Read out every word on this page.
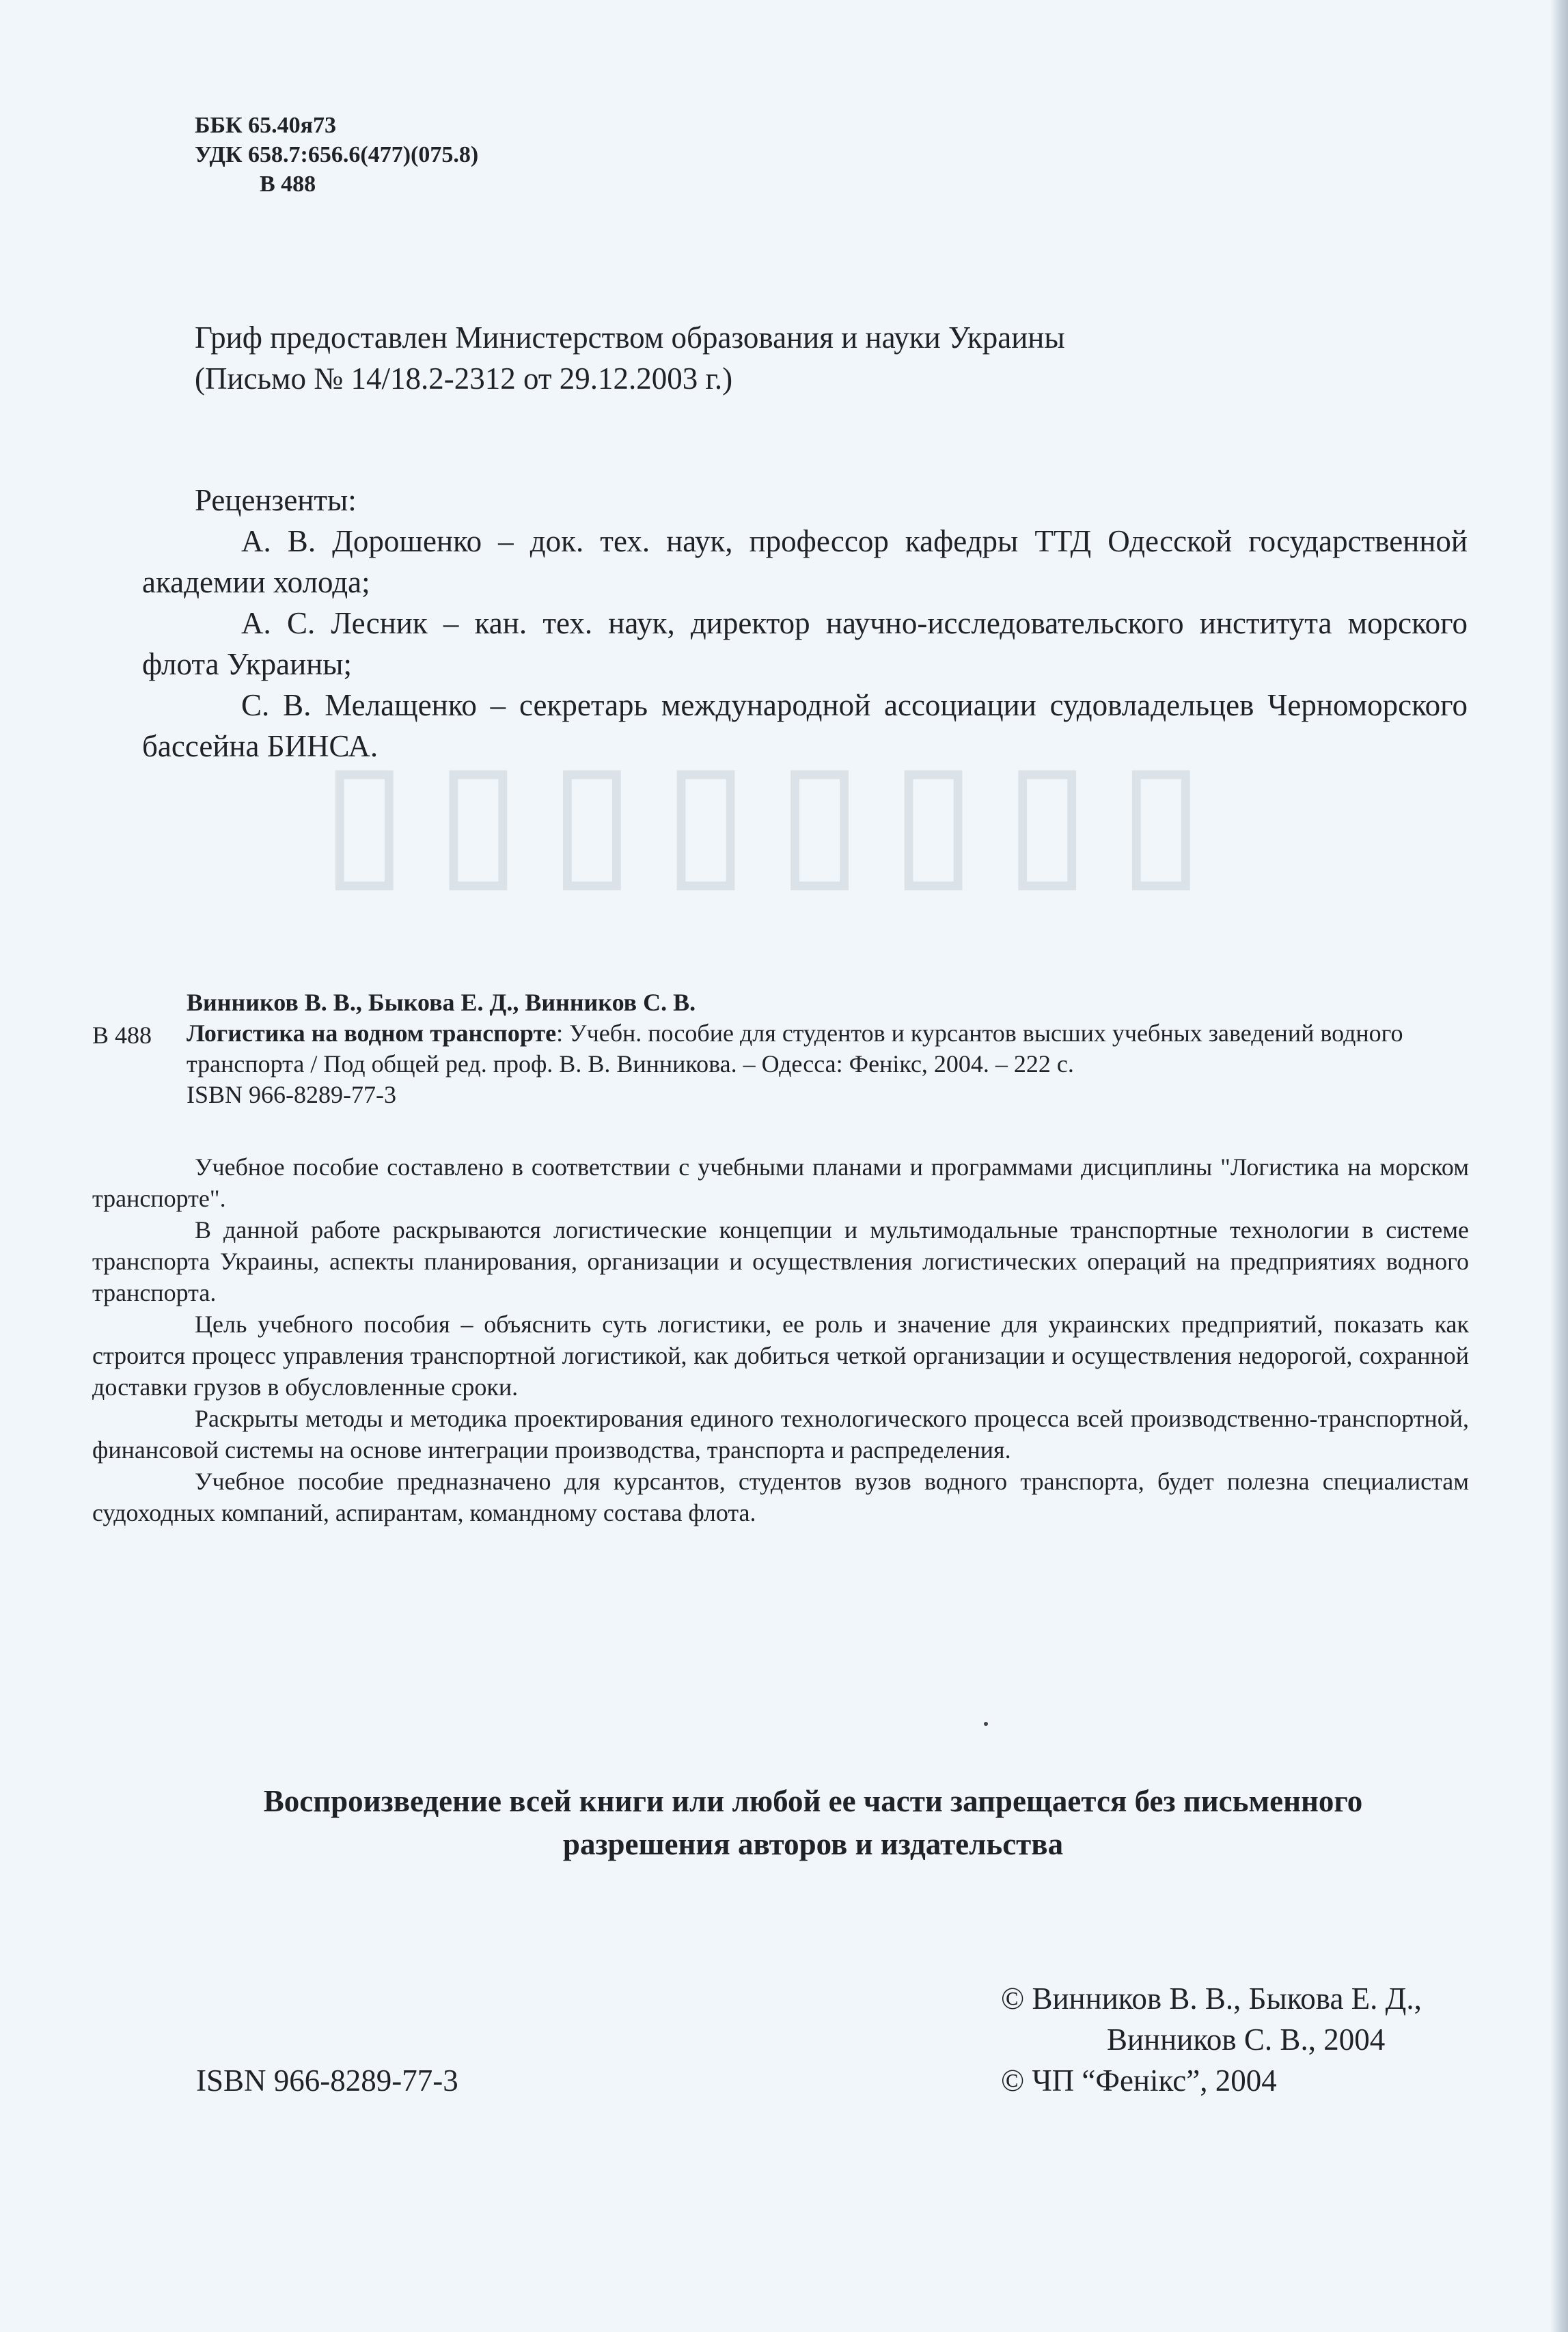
▯▯▯▯▯▯▯▯
ББК 65.40я73
УДК 658.7:656.6(477)(075.8)
В 488
Гриф предоставлен Министерством образования и науки Украины
(Письмо № 14/18.2-2312 от 29.12.2003 г.)
Рецензенты:

А. В. Дорошенко – док. тех. наук, профессор кафедры ТТД Одесской государственной академии холода;

А. С. Лесник – кан. тех. наук, директор научно-исследовательского института морского флота Украины;

С. В. Мелащенко – секретарь международной ассоциации судовладельцев Черноморского бассейна БИНСА.

В 488
Винников В. В., Быкова Е. Д., Винников С. В.
Логистика на водном транспорте: Учебн. пособие для студентов и курсантов высших учебных заведений водного транспорта / Под общей ред. проф. В. В. Винникова. – Одесса: Фенікс, 2004. – 222 с.
ISBN 966-8289-77-3

Учебное пособие составлено в соответствии с учебными планами и программами дисциплины "Логистика на морском транспорте".

В данной работе раскрываются логистические концепции и мультимодальные транспортные технологии в системе транспорта Украины, аспекты планирования, организации и осуществления логистических операций на предприятиях водного транспорта.

Цель учебного пособия – объяснить суть логистики, ее роль и значение для украинских предприятий, показать как строится процесс управления транспортной логистикой, как добиться четкой организации и осуществления недорогой, сохранной доставки грузов в обусловленные сроки.

Раскрыты методы и методика проектирования единого технологического процесса всей производственно-транспортной, финансовой системы на основе интеграции производства, транспорта и распределения.

Учебное пособие предназначено для курсантов, студентов вузов водного транспорта, будет полезна специалистам судоходных компаний, аспирантам, командному состава флота.

Воспроизведение всей книги или любой ее части запрещается без письменного
разрешения авторов и издательства
© Винников В. В., Быкова Е. Д.,
Винников С. В., 2004
© ЧП “Фенікс”, 2004
ISBN 966-8289-77-3
